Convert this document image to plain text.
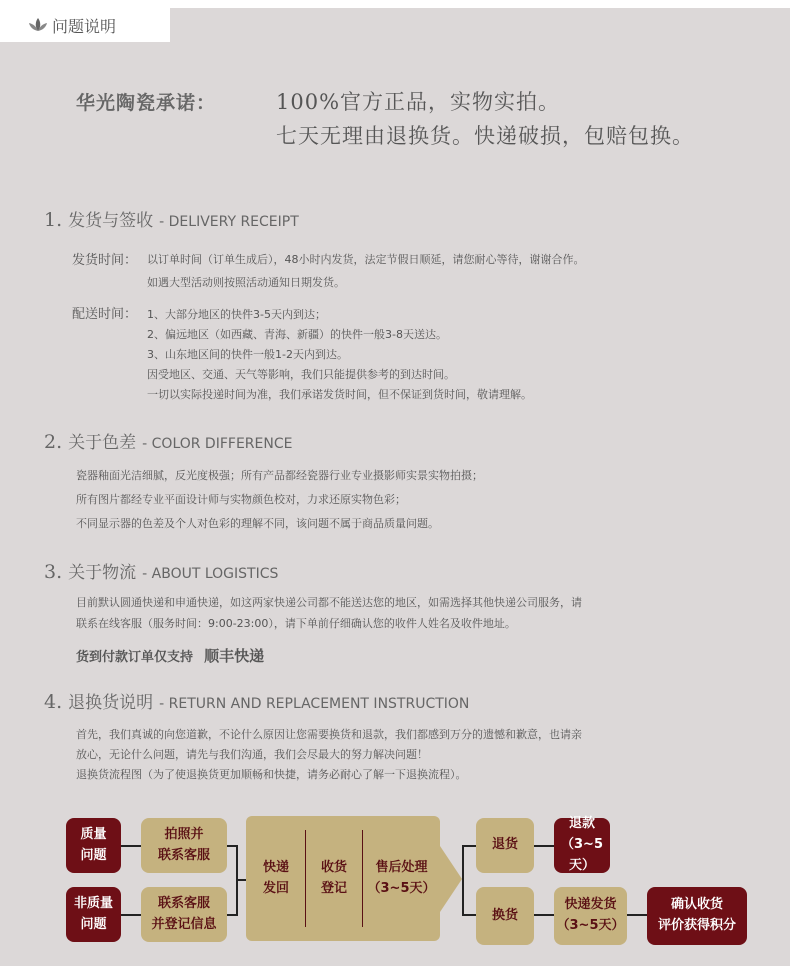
问题说明
华光陶瓷承诺：	100%官方正品，实物实拍。
七天无理由退换货。快递破损，包赔包换。
1. 发货与签收 - DELIVERY RECEIPT
发货时间： 以订单时间（订单生成后），48小时内发货，法定节假日顺延，请您耐心等待，谢谢合作。
如遇大型活动则按照活动通知日期发货。
配送时间： 1、大部分地区的快件3-5天内到达；
2、偏远地区（如西藏、青海、新疆）的快件一般3-8天送达。
3、山东地区间的快件一般1-2天内到达。
因受地区、交通、天气等影响，我们只能提供参考的到达时间。
一切以实际投递时间为准，我们承诺发货时间，但不保证到货时间，敬请理解。
2. 关于色差 - COLOR DIFFERENCE
瓷器釉面光洁细腻，反光度极强；所有产品都经瓷器行业专业摄影师实景实物拍摄；
所有图片都经专业平面设计师与实物颜色校对，力求还原实物色彩；
不同显示器的色差及个人对色彩的理解不同，该问题不属于商品质量问题。
3. 关于物流 - ABOUT LOGISTICS
目前默认圆通快递和申通快递，如这两家快递公司都不能送达您的地区，如需选择其他快递公司服务，请
联系在线客服（服务时间：9:00-23:00），请下单前仔细确认您的收件人姓名及收件地址。
货到付款订单仅支持 顺丰快递
4. 退换货说明 - RETURN AND REPLACEMENT INSTRUCTION
首先，我们真诚的向您道歉，不论什么原因让您需要换货和退款，我们都感到万分的遗憾和歉意，也请亲
放心，无论什么问题，请先与我们沟通，我们会尽最大的努力解决问题！
退换货流程图（为了使退换货更加顺畅和快捷，请务必耐心了解一下退换流程）。
质量
问题
拍照并
联系客服
非质量
问题
联系客服
并登记信息
快递
发回
收货
登记
售后处理
（3~5天）
退货
退款
（3~5天）
换货
快递发货
（3~5天）
确认收货
评价获得积分
